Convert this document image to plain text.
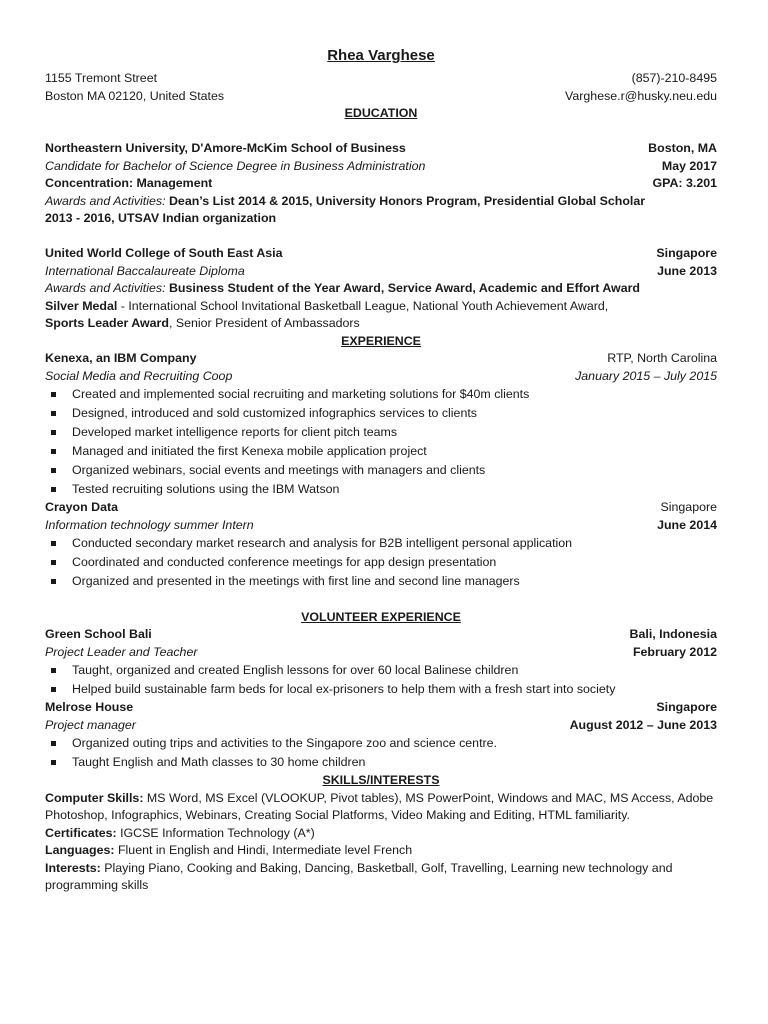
Rhea Varghese
1155 Tremont Street	(857)-210-8495
Boston MA 02120, United States	Varghese.r@husky.neu.edu
EDUCATION
Northeastern University, D'Amore-McKim School of Business	Boston, MA
Candidate for Bachelor of Science Degree in Business Administration	May 2017
Concentration: Management	GPA: 3.201
Awards and Activities: Dean’s List 2014 & 2015, University Honors Program, Presidential Global Scholar
2013 - 2016, UTSAV Indian organization
United World College of South East Asia	Singapore
International Baccalaureate Diploma	June 2013
Awards and Activities: Business Student of the Year Award, Service Award, Academic and Effort Award
Silver Medal - International School Invitational Basketball League, National Youth Achievement Award,
Sports Leader Award, Senior President of Ambassadors
EXPERIENCE
Kenexa, an IBM Company	RTP, North Carolina
Social Media and Recruiting Coop	January 2015 – July 2015
Created and implemented social recruiting and marketing solutions for $40m clients
Designed, introduced and sold customized infographics services to clients
Developed market intelligence reports for client pitch teams
Managed and initiated the first Kenexa mobile application project
Organized webinars, social events and meetings with managers and clients
Tested recruiting solutions using the IBM Watson
Crayon Data	Singapore
Information technology summer Intern	June 2014
Conducted secondary market research and analysis for B2B intelligent personal application
Coordinated and conducted conference meetings for app design presentation
Organized and presented in the meetings with first line and second line managers
VOLUNTEER EXPERIENCE
Green School Bali	Bali, Indonesia
Project Leader and Teacher	February 2012
Taught, organized and created English lessons for over 60 local Balinese children
Helped build sustainable farm beds for local ex-prisoners to help them with a fresh start into society
Melrose House	Singapore
Project manager	August 2012 – June 2013
Organized outing trips and activities to the Singapore zoo and science centre.
Taught English and Math classes to 30 home children
SKILLS/INTERESTS
Computer Skills: MS Word, MS Excel (VLOOKUP, Pivot tables), MS PowerPoint, Windows and MAC, MS Access, Adobe
Photoshop, Infographics, Webinars, Creating Social Platforms, Video Making and Editing, HTML familiarity.
Certificates: IGCSE Information Technology (A*)
Languages: Fluent in English and Hindi, Intermediate level French
Interests: Playing Piano, Cooking and Baking, Dancing, Basketball, Golf, Travelling, Learning new technology and
programming skills
